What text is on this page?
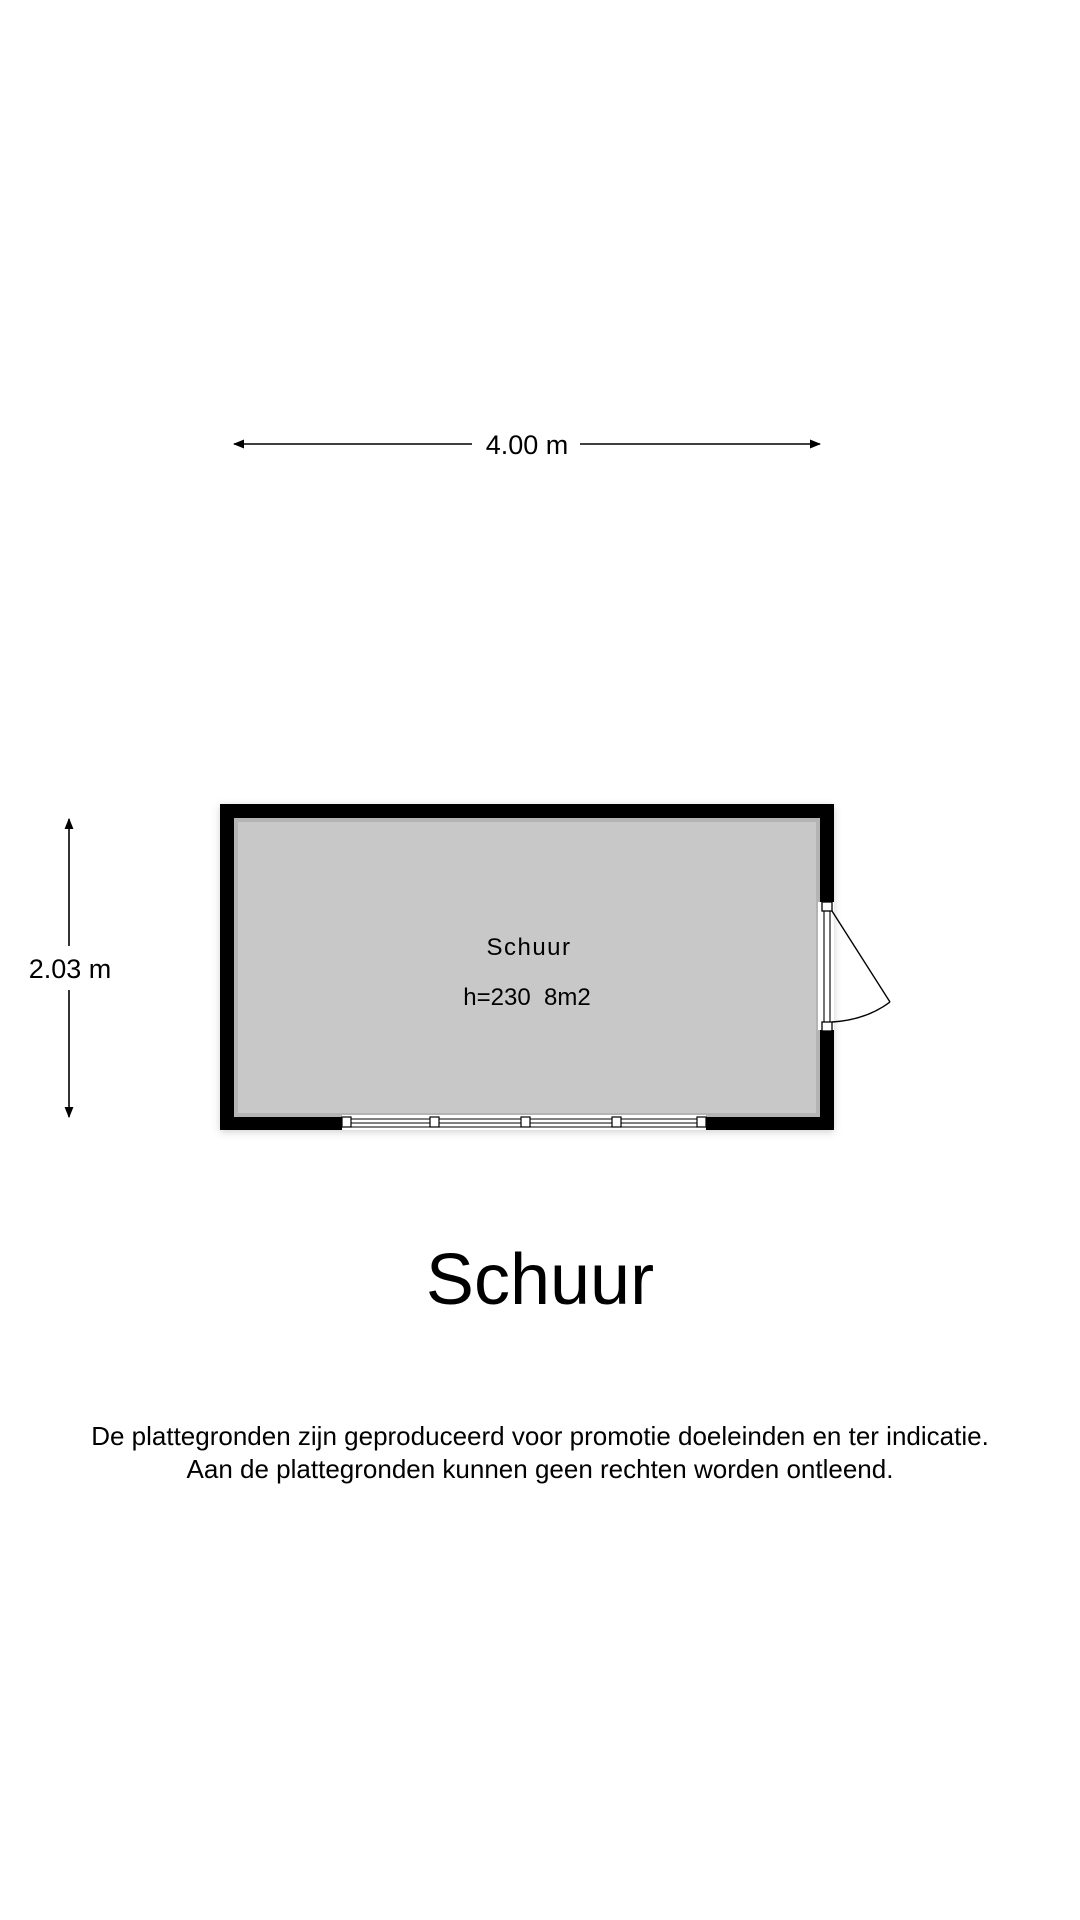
4.00 m
2.03 m
Schuur
h=230  8m2
Schuur
De plattegronden zijn geproduceerd voor promotie doeleinden en ter indicatie.
Aan de plattegronden kunnen geen rechten worden ontleend.
